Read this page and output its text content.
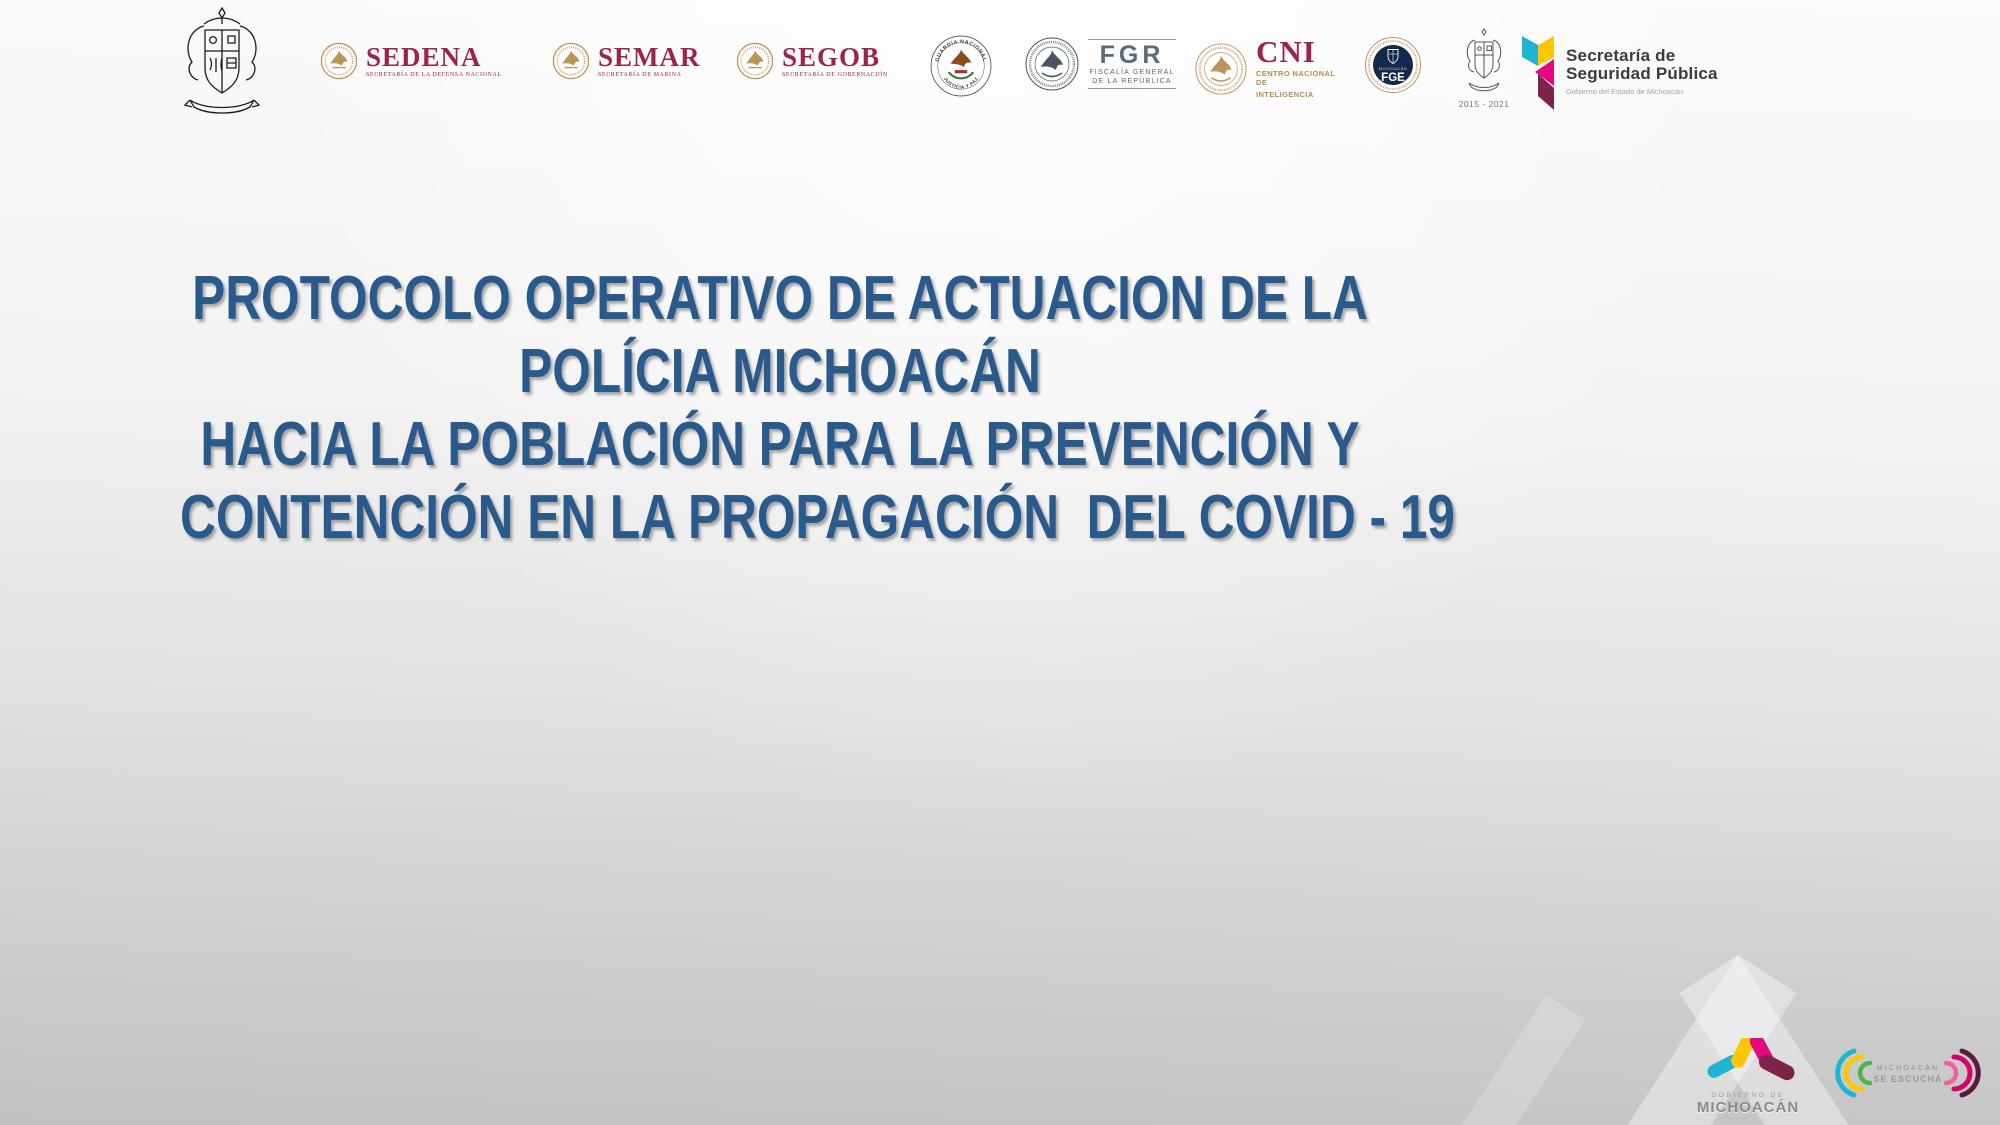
SEDENA
SECRETARÍA DE LA DEFENSA NACIONAL
SEMAR
SECRETARÍA DE MARINA
SEGOB
SECRETARÍA DE GOBERNACIÓN
GUARDIA NACIONAL
JUSTICIA Y PAZ
FGR
FISCALÍA GENERAL
DE LA REPÚBLICA
CNI
CENTRO NACIONAL DE
INTELIGENCIA
MICHOACÁN
FGE
2015 - 2021
Secretaría de
Seguridad Pública
Gobierno del Estado de Michoacán
PROTOCOLO OPERATIVO DE ACTUACION DE LA
POLÍCIA MICHOACÁN
HACIA LA POBLACIÓN PARA LA PREVENCIÓN Y
CONTENCIÓN EN LA PROPAGACIÓN  DEL COVID - 19
GOBIERNO DE
MICHOACÁN
MICHOACÁN
SE ESCUCHA
